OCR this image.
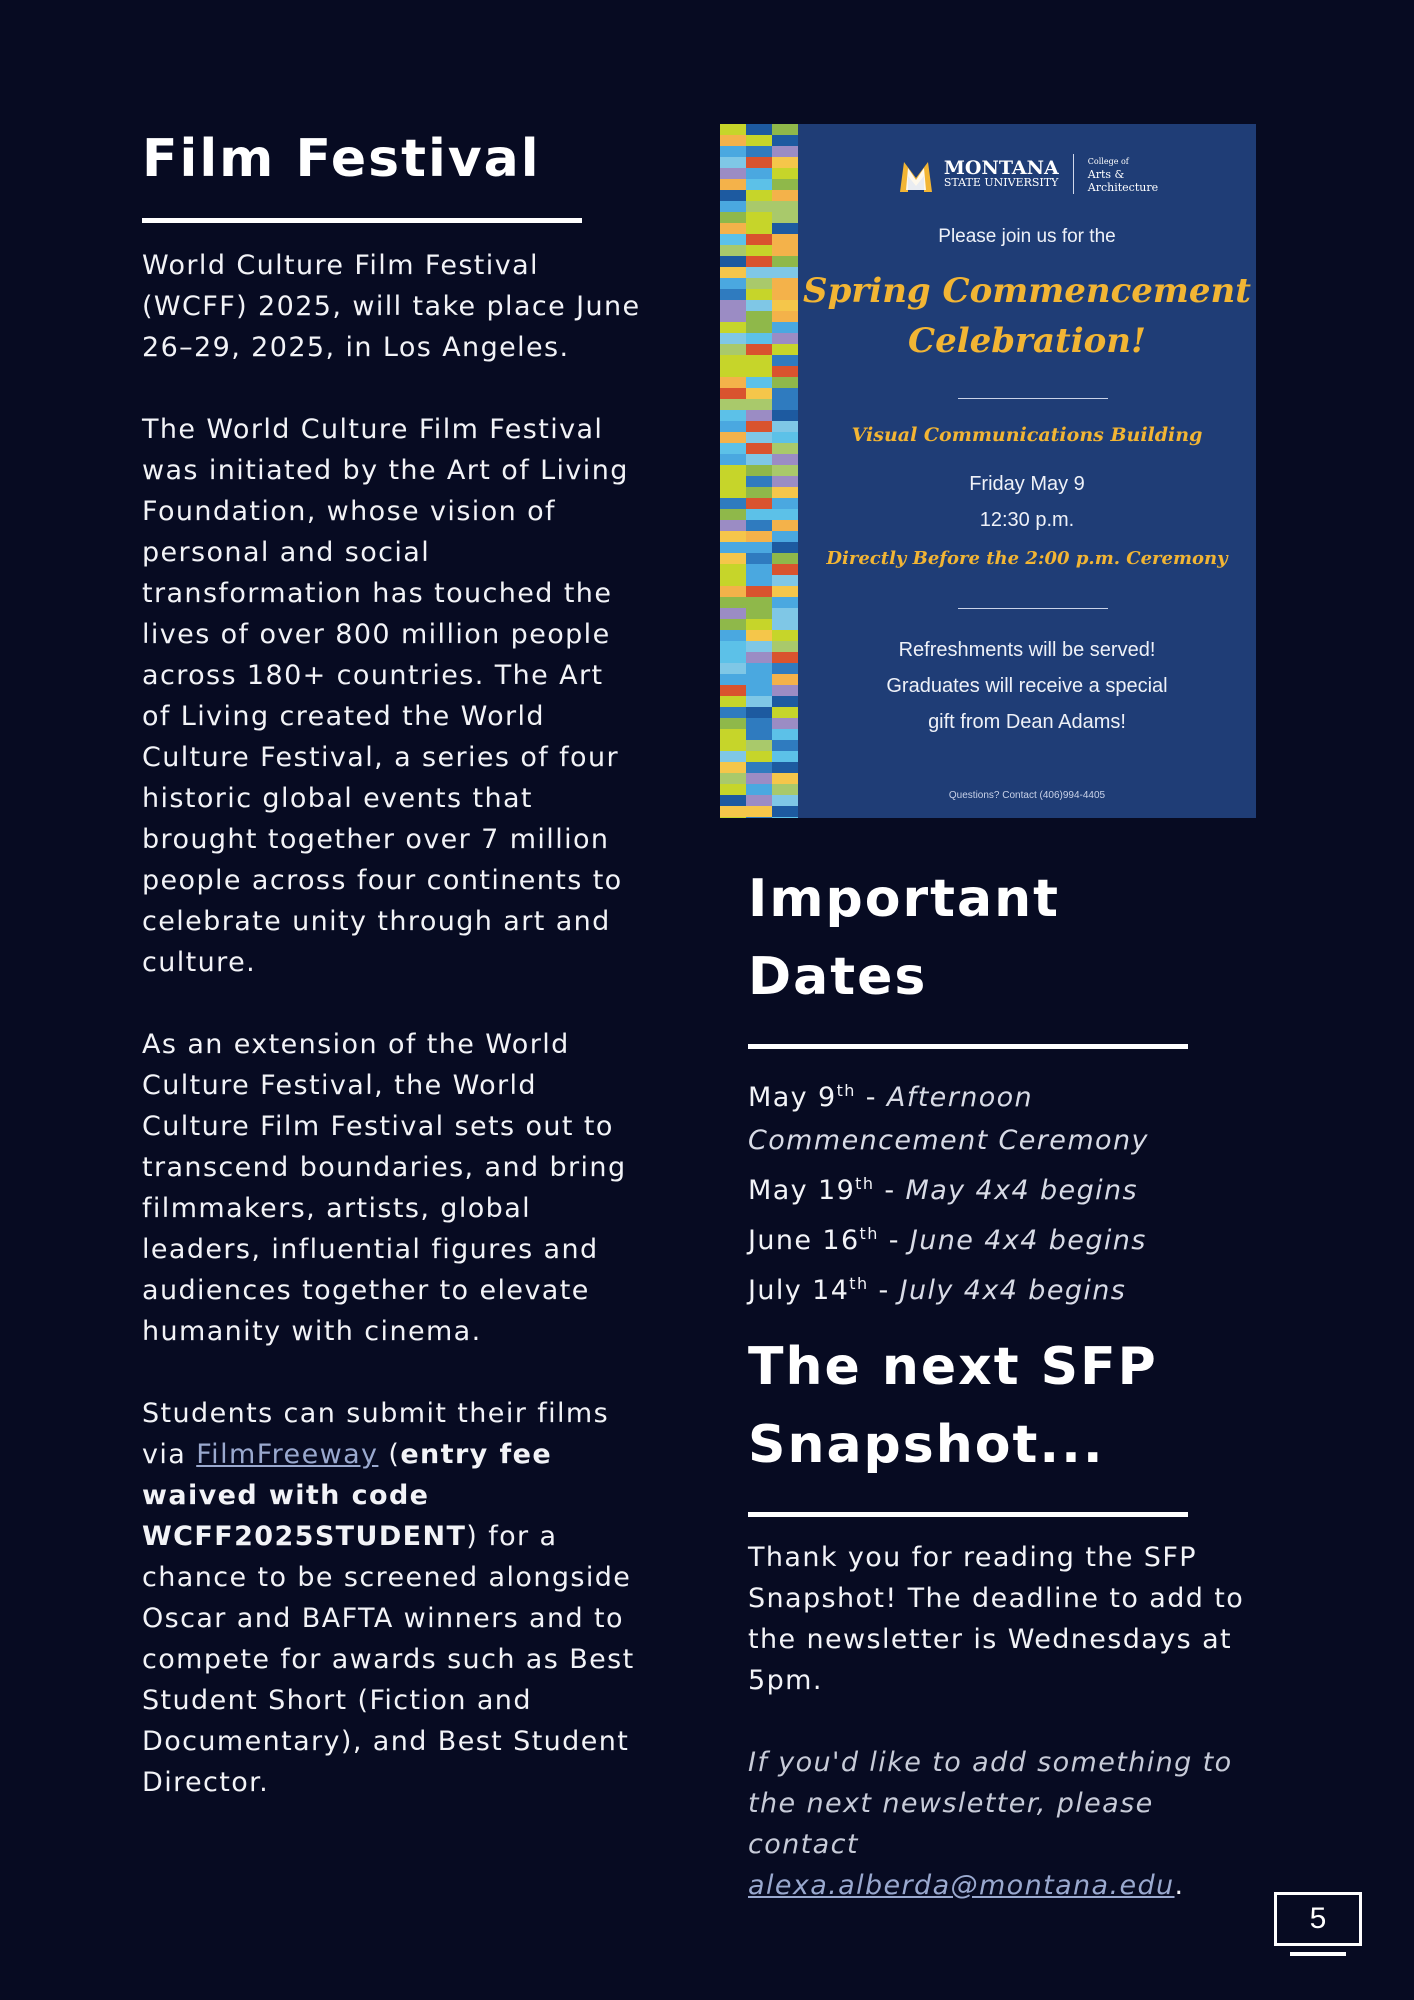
Film Festival

World Culture Film Festival (WCFF) 2025, will take place June 26–29, 2025, in Los Angeles.

The World Culture Film Festival was initiated by the Art of Living Foundation, whose vision of personal and social transformation has touched the lives of over 800 million people across 180+ countries. The Art of Living created the World Culture Festival, a series of four historic global events that brought together over 7 million people across four continents to celebrate unity through art and culture.

As an extension of the World Culture Festival, the World Culture Film Festival sets out to transcend boundaries, and bring filmmakers, artists, global leaders, influential figures and audiences together to elevate humanity with cinema.

Students can submit their films via FilmFreeway (entry fee waived with code WCFF2025STUDENT) for a chance to be screened alongside Oscar and BAFTA winners and to compete for awards such as Best Student Short (Fiction and Documentary), and Best Student Director.

MONTANA
STATE UNIVERSITY
College of
Arts &
Architecture
Please join us for the
Spring Commencement
Celebration!
Visual Communications Building
Friday May 9
12:30 p.m.
Directly Before the 2:00 p.m. Ceremony
Refreshments will be served!
Graduates will receive a special
gift from Dean Adams!
Questions? Contact (406)994-4405
Important
Dates
May 9th - Afternoon Commencement Ceremony
May 19th - May 4x4 begins
June 16th - June 4x4 begins
July 14th - July 4x4 begins
The next SFP
Snapshot...

Thank you for reading the SFP Snapshot! The deadline to add to the newsletter is Wednesdays at 5pm.

If you'd like to add something to the next newsletter, please contact alexa.alberda@montana.edu.

5
